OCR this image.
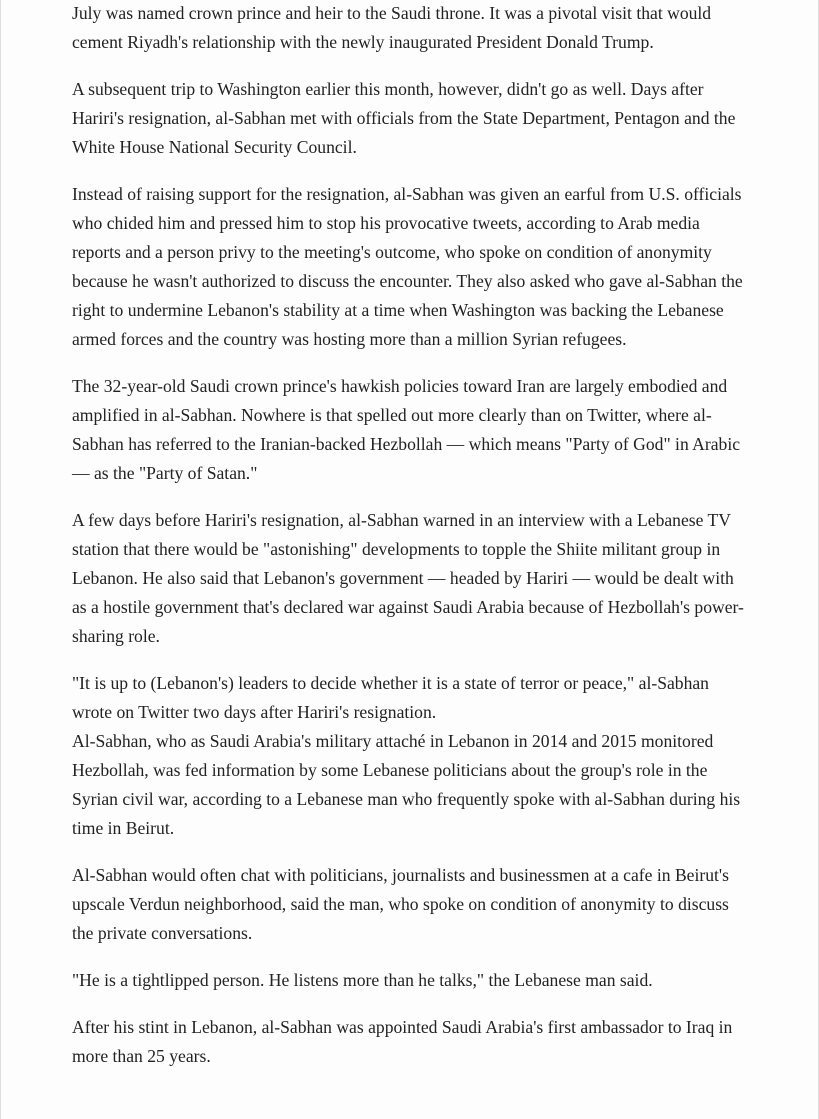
July was named crown prince and heir to the Saudi throne. It was a pivotal visit that would cement Riyadh's relationship with the newly inaugurated President Donald Trump.

A subsequent trip to Washington earlier this month, however, didn't go as well. Days after Hariri's resignation, al-Sabhan met with officials from the State Department, Pentagon and the White House National Security Council.

Instead of raising support for the resignation, al-Sabhan was given an earful from U.S. officials who chided him and pressed him to stop his provocative tweets, according to Arab media reports and a person privy to the meeting's outcome, who spoke on condition of anonymity because he wasn't authorized to discuss the encounter. They also asked who gave al-Sabhan the right to undermine Lebanon's stability at a time when Washington was backing the Lebanese armed forces and the country was hosting more than a million Syrian refugees.

The 32-year-old Saudi crown prince's hawkish policies toward Iran are largely embodied and amplified in al-Sabhan. Nowhere is that spelled out more clearly than on Twitter, where al-Sabhan has referred to the Iranian-backed Hezbollah — which means "Party of God" in Arabic — as the "Party of Satan."

A few days before Hariri's resignation, al-Sabhan warned in an interview with a Lebanese TV station that there would be "astonishing" developments to topple the Shiite militant group in Lebanon. He also said that Lebanon's government — headed by Hariri — would be dealt with as a hostile government that's declared war against Saudi Arabia because of Hezbollah's power-sharing role.

"It is up to (Lebanon's) leaders to decide whether it is a state of terror or peace," al-Sabhan wrote on Twitter two days after Hariri's resignation.

Al-Sabhan, who as Saudi Arabia's military attaché in Lebanon in 2014 and 2015 monitored Hezbollah, was fed information by some Lebanese politicians about the group's role in the Syrian civil war, according to a Lebanese man who frequently spoke with al-Sabhan during his time in Beirut.

Al-Sabhan would often chat with politicians, journalists and businessmen at a cafe in Beirut's upscale Verdun neighborhood, said the man, who spoke on condition of anonymity to discuss the private conversations.

"He is a tightlipped person. He listens more than he talks," the Lebanese man said.

After his stint in Lebanon, al-Sabhan was appointed Saudi Arabia's first ambassador to Iraq in more than 25 years.
